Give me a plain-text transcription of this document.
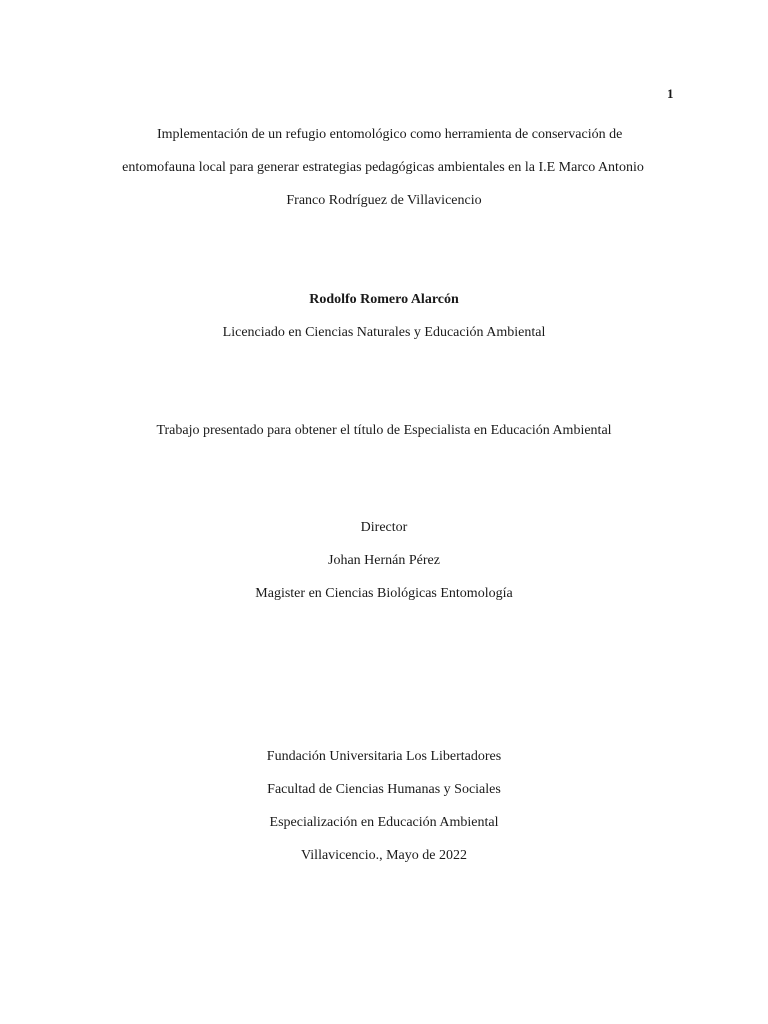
1
Implementación de un refugio entomológico como herramienta de conservación de
entomofauna local para generar estrategias pedagógicas ambientales en la I.E Marco Antonio
Franco Rodríguez de Villavicencio
Rodolfo Romero Alarcón
Licenciado en Ciencias Naturales y Educación Ambiental
Trabajo presentado para obtener el título de Especialista en Educación Ambiental
Director
Johan Hernán Pérez
Magister en Ciencias Biológicas Entomología
Fundación Universitaria Los Libertadores
Facultad de Ciencias Humanas y Sociales
Especialización en Educación Ambiental
Villavicencio., Mayo de 2022
